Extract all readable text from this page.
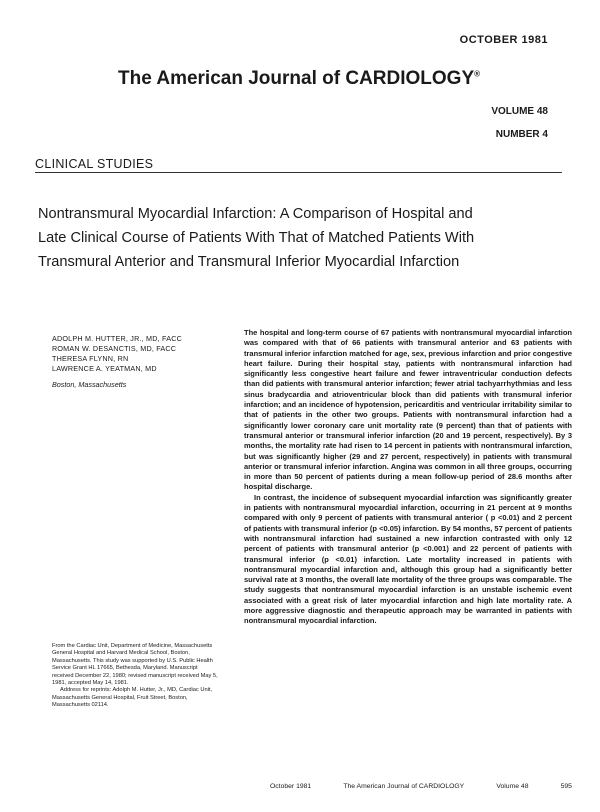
OCTOBER 1981
The American Journal of CARDIOLOGY®
VOLUME 48
NUMBER 4
CLINICAL STUDIES
Nontransmural Myocardial Infarction: A Comparison of Hospital and Late Clinical Course of Patients With That of Matched Patients With Transmural Anterior and Transmural Inferior Myocardial Infarction
ADOLPH M. HUTTER, JR., MD, FACC
ROMAN W. DESANCTIS, MD, FACC
THERESA FLYNN, RN
LAWRENCE A. YEATMAN, MD
Boston, Massachusetts

The hospital and long-term course of 67 patients with nontransmural myocardial infarction was compared with that of 66 patients with transmural anterior and 63 patients with transmural inferior infarction matched for age, sex, previous infarction and prior congestive heart failure. During their hospital stay, patients with nontransmural infarction had significantly less congestive heart failure and fewer intraventricular conduction defects than did patients with transmural anterior infarction; fewer atrial tachyarrhythmias and less sinus bradycardia and atrioventricular block than did patients with transmural inferior infarction; and an incidence of hypotension, pericarditis and ventricular irritability similar to that of patients in the other two groups. Patients with nontransmural infarction had a significantly lower coronary care unit mortality rate (9 percent) than that of patients with transmural anterior or transmural inferior infarction (20 and 19 percent, respectively). By 3 months, the mortality rate had risen to 14 percent in patients with nontransmural infarction, but was significantly higher (29 and 27 percent, respectively) in patients with transmural anterior or transmural inferior infarction. Angina was common in all three groups, occurring in more than 50 percent of patients during a mean follow-up period of 28.6 months after hospital discharge.

In contrast, the incidence of subsequent myocardial infarction was significantly greater in patients with nontransmural myocardial infarction, occurring in 21 percent at 9 months compared with only 9 percent of patients with transmural anterior ( p <0.01) and 2 percent of patients with transmural inferior (p <0.05) infarction. By 54 months, 57 percent of patients with nontransmural infarction had sustained a new infarction contrasted with only 12 percent of patients with transmural anterior (p <0.001) and 22 percent of patients with transmural inferior (p <0.01) infarction. Late mortality increased in patients with nontransmural myocardial infarction and, although this group had a significantly better survival rate at 3 months, the overall late mortality of the three groups was comparable. The study suggests that nontransmural myocardial infarction is an unstable ischemic event associated with a great risk of later myocardial infarction and high late mortality rate. A more aggressive diagnostic and therapeutic approach may be warranted in patients with nontransmural myocardial infarction.

From the Cardiac Unit, Department of Medicine, Massachusetts General Hospital and Harvard Medical School, Boston, Massachusetts. This study was supported by U.S. Public Health Service Grant HL 17665, Bethesda, Maryland. Manuscript received December 22, 1980; revised manuscript received May 5, 1981, accepted May 14, 1981.

Address for reprints: Adolph M. Hutter, Jr., MD, Cardiac Unit, Massachusetts General Hospital, Fruit Street, Boston, Massachusetts 02114.

October 1981	The American Journal of CARDIOLOGY	Volume 48	595
